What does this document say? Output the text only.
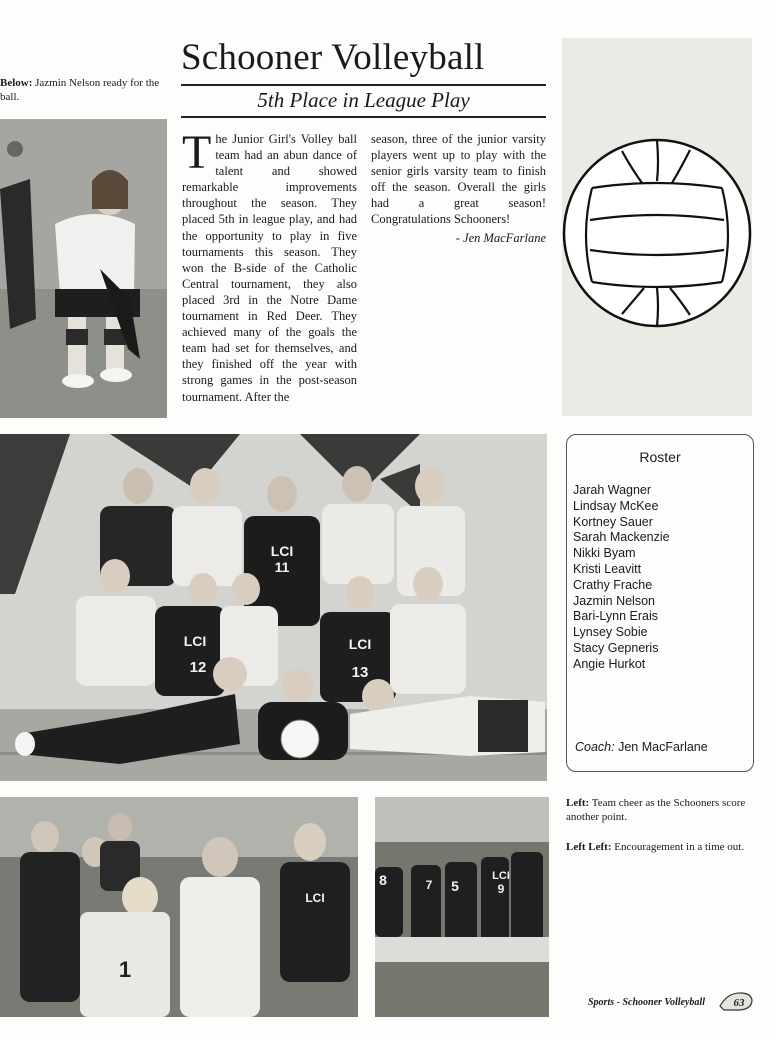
Below: Jazmin Nelson ready for the ball.
Schooner Volleyball
5th Place in League Play
The Junior Girl's Volley ball team had an abun dance of talent and showed remarkable improvements throughout the season. They placed 5th in league play, and had the opportunity to play in five tournaments this season. They won the B-side of the Catholic Central tournament, they also placed 3rd in the Notre Dame tournament in Red Deer. They achieved many of the goals the team had set for themselves, and they finished off the year with strong games in the post-season tournament. After the
season, three of the junior varsity players went up to play with the senior girls varsity team to finish off the season. Overall the girls had a great season! Congratulations Schooners!
- Jen MacFarlane
LCI
11
LCI
12
LCI
13
Roster
Jarah Wagner
Lindsay McKee
Kortney Sauer
Sarah Mackenzie
Nikki Byam
Kristi Leavitt
Crathy Frache
Jazmin Nelson
Bari-Lynn Erais
Lynsey Sobie
Stacy Gepneris
Angie Hurkot
Coach: Jen MacFarlane
1
LCI
8	7 5
LCI
9
Left: Team cheer as the Schooners score another point.
Left Left: Encouragement in a time out.
Sports - Schooner Volleyball	63
